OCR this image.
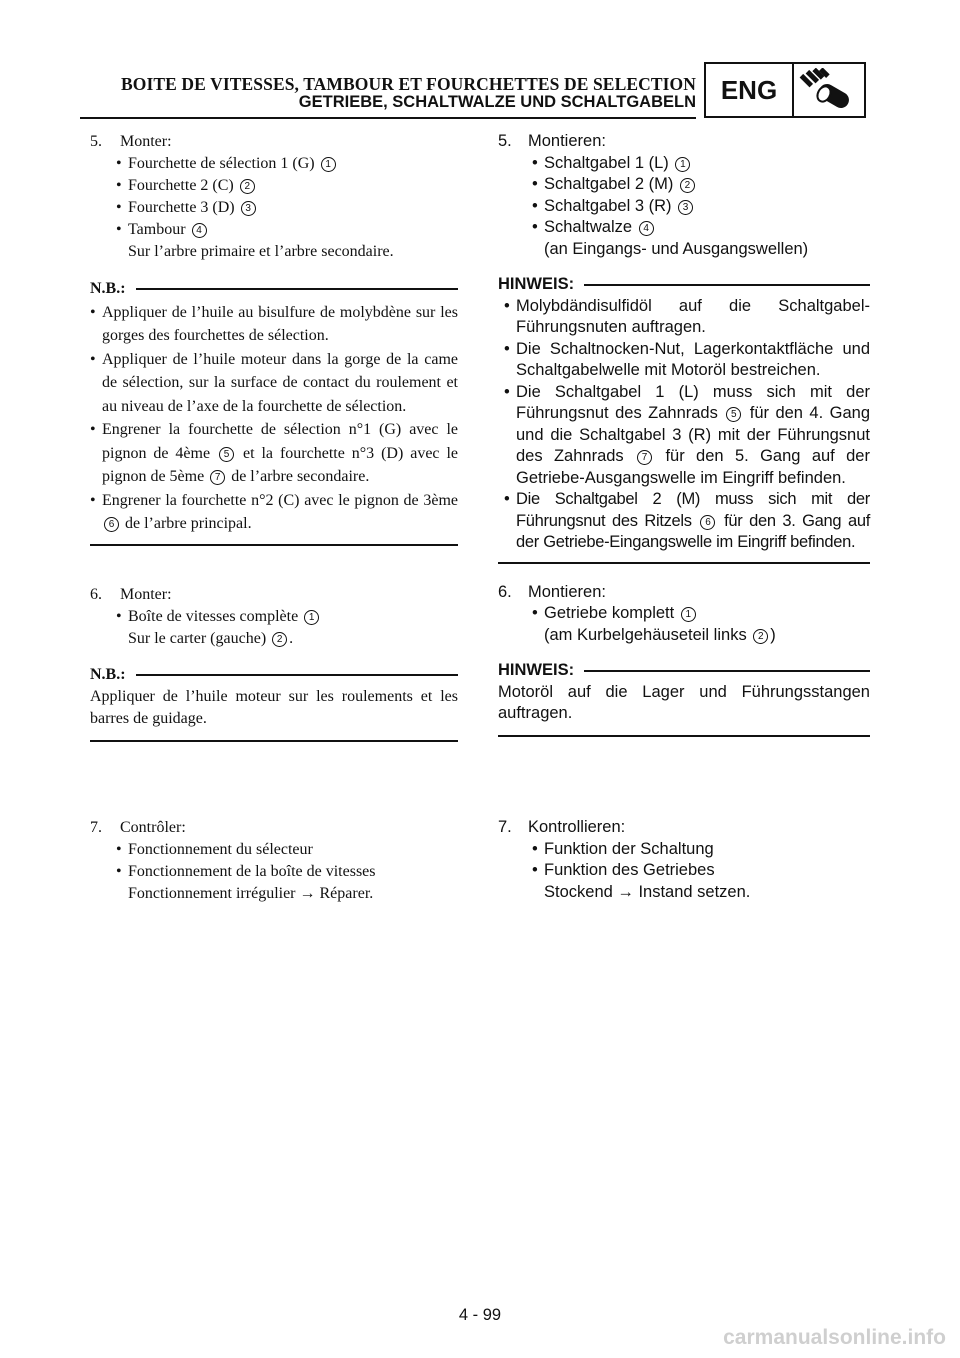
BOITE DE VITESSES, TAMBOUR ET FOURCHETTES DE SELECTION
GETRIEBE, SCHALTWALZE UND SCHALTGABELN ENG
5. Monter:
• Fourchette de sélection 1 (G) 1
• Fourchette 2 (C) 2
• Fourchette 3 (D) 3
• Tambour 4
Sur l’arbre primaire et l’arbre secondaire.
N.B.:
• Appliquer de l’huile au bisulfure de molybdène sur les gorges des fourchettes de sélection.
• Appliquer de l’huile moteur dans la gorge de la came de sélection, sur la surface de contact du roulement et au niveau de l’axe de la fourchette de sélection.
• Engrener la fourchette de sélection n°1 (G) avec le pignon de 4ème 5 et la fourchette n°3 (D) avec le pignon de 5ème 7 de l’arbre secondaire.
• Engrener la fourchette n°2 (C) avec le pignon de 3ème 6 de l’arbre principal.
6. Monter:
• Boîte de vitesses complète 1
Sur le carter (gauche) 2 .
N.B.:
Appliquer de l’huile moteur sur les roulements et les barres de guidage.
7. Contrôler:
• Fonctionnement du sélecteur
• Fonctionnement de la boîte de vitesses
Fonctionnement irrégulier → Réparer.
5. Montieren:
• Schaltgabel 1 (L) 1
• Schaltgabel 2 (M) 2
• Schaltgabel 3 (R) 3
• Schaltwalze 4
(an Eingangs- und Ausgangswellen)
HINWEIS:
• Molybdändisulfidöl auf die Schaltgabel-Führungsnuten auftragen.
• Die Schaltnocken-Nut, Lagerkontaktfläche und Schaltgabelwelle mit Motoröl bestreichen.
• Die Schaltgabel 1 (L) muss sich mit der Führungsnut des Zahnrads 5 für den 4. Gang und die Schaltgabel 3 (R) mit der Führungsnut des Zahnrads 7 für den 5. Gang auf der Getriebe-Ausgangswelle im Eingriff befinden.
• Die Schaltgabel 2 (M) muss sich mit der Führungsnut des Ritzels 6 für den 3. Gang auf der Getriebe-Eingangswelle im Eingriff befinden.
6. Montieren:
• Getriebe komplett 1
(am Kurbelgehäuseteil links 2 )
HINWEIS:
Motoröl auf die Lager und Führungsstangen auftragen.
7. Kontrollieren:
• Funktion der Schaltung
• Funktion des Getriebes
Stockend → Instand setzen.
4 - 99
carmanualsonline.info
